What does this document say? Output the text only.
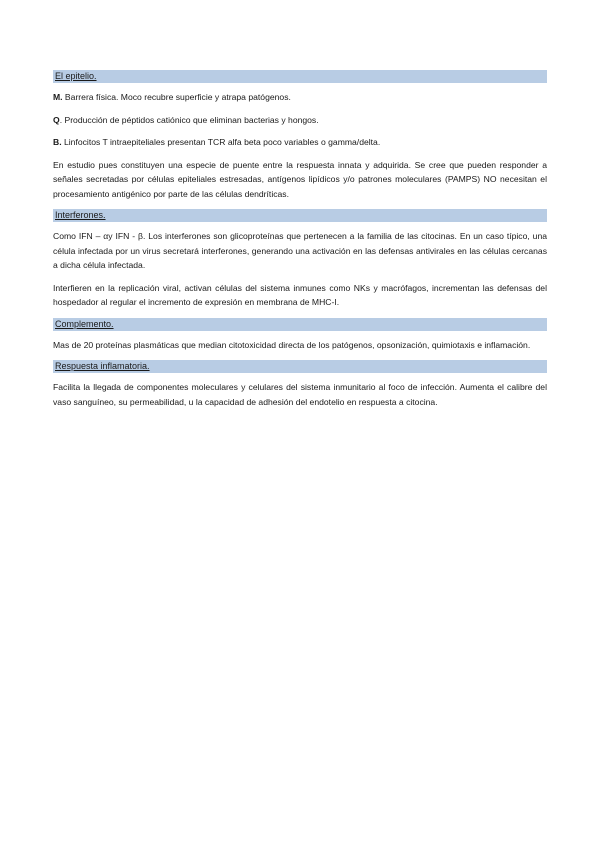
El epitelio.

M. Barrera física. Moco recubre superficie y atrapa patógenos.

Q. Producción de péptidos catiónico que eliminan bacterias y hongos.

B. Linfocitos T intraepiteliales presentan TCR alfa beta poco variables o gamma/delta.

En estudio pues constituyen una especie de puente entre la respuesta innata y adquirida. Se cree que pueden responder a señales secretadas por células epiteliales estresadas, antígenos lipídicos y/o patrones moleculares (PAMPS) NO necesitan el procesamiento antigénico por parte de las células dendríticas.

Interferones.

Como IFN – αy IFN - β. Los interferones son glicoproteínas que pertenecen a la familia de las citocinas. En un caso típico, una célula infectada por un virus secretará interferones, generando una activación en las defensas antivirales en las células cercanas a dicha célula infectada.

Interfieren en la replicación viral, activan células del sistema inmunes como NKs y macrófagos, incrementan las defensas del hospedador al regular el incremento de expresión en membrana de MHC-I.

Complemento.

Mas de 20 proteínas plasmáticas que median citotoxicidad directa de los patógenos, opsonización, quimiotaxis e inflamación.

Respuesta inflamatoria.

Facilita la llegada de componentes moleculares y celulares del sistema inmunitario al foco de infección. Aumenta el calibre del vaso sanguíneo, su permeabilidad, u la capacidad de adhesión del endotelio en respuesta a citocina.
